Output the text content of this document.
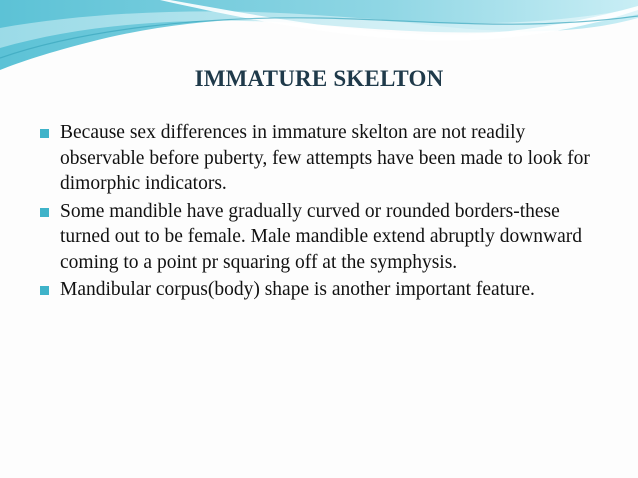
IMMATURE SKELTON
Because sex differences in immature skelton are not readily observable before puberty, few attempts have been made to look for dimorphic indicators.
Some mandible have gradually curved or rounded borders-these turned out to be female. Male mandible extend abruptly downward coming to a point pr squaring off at the symphysis.
Mandibular corpus(body) shape is another important feature.
